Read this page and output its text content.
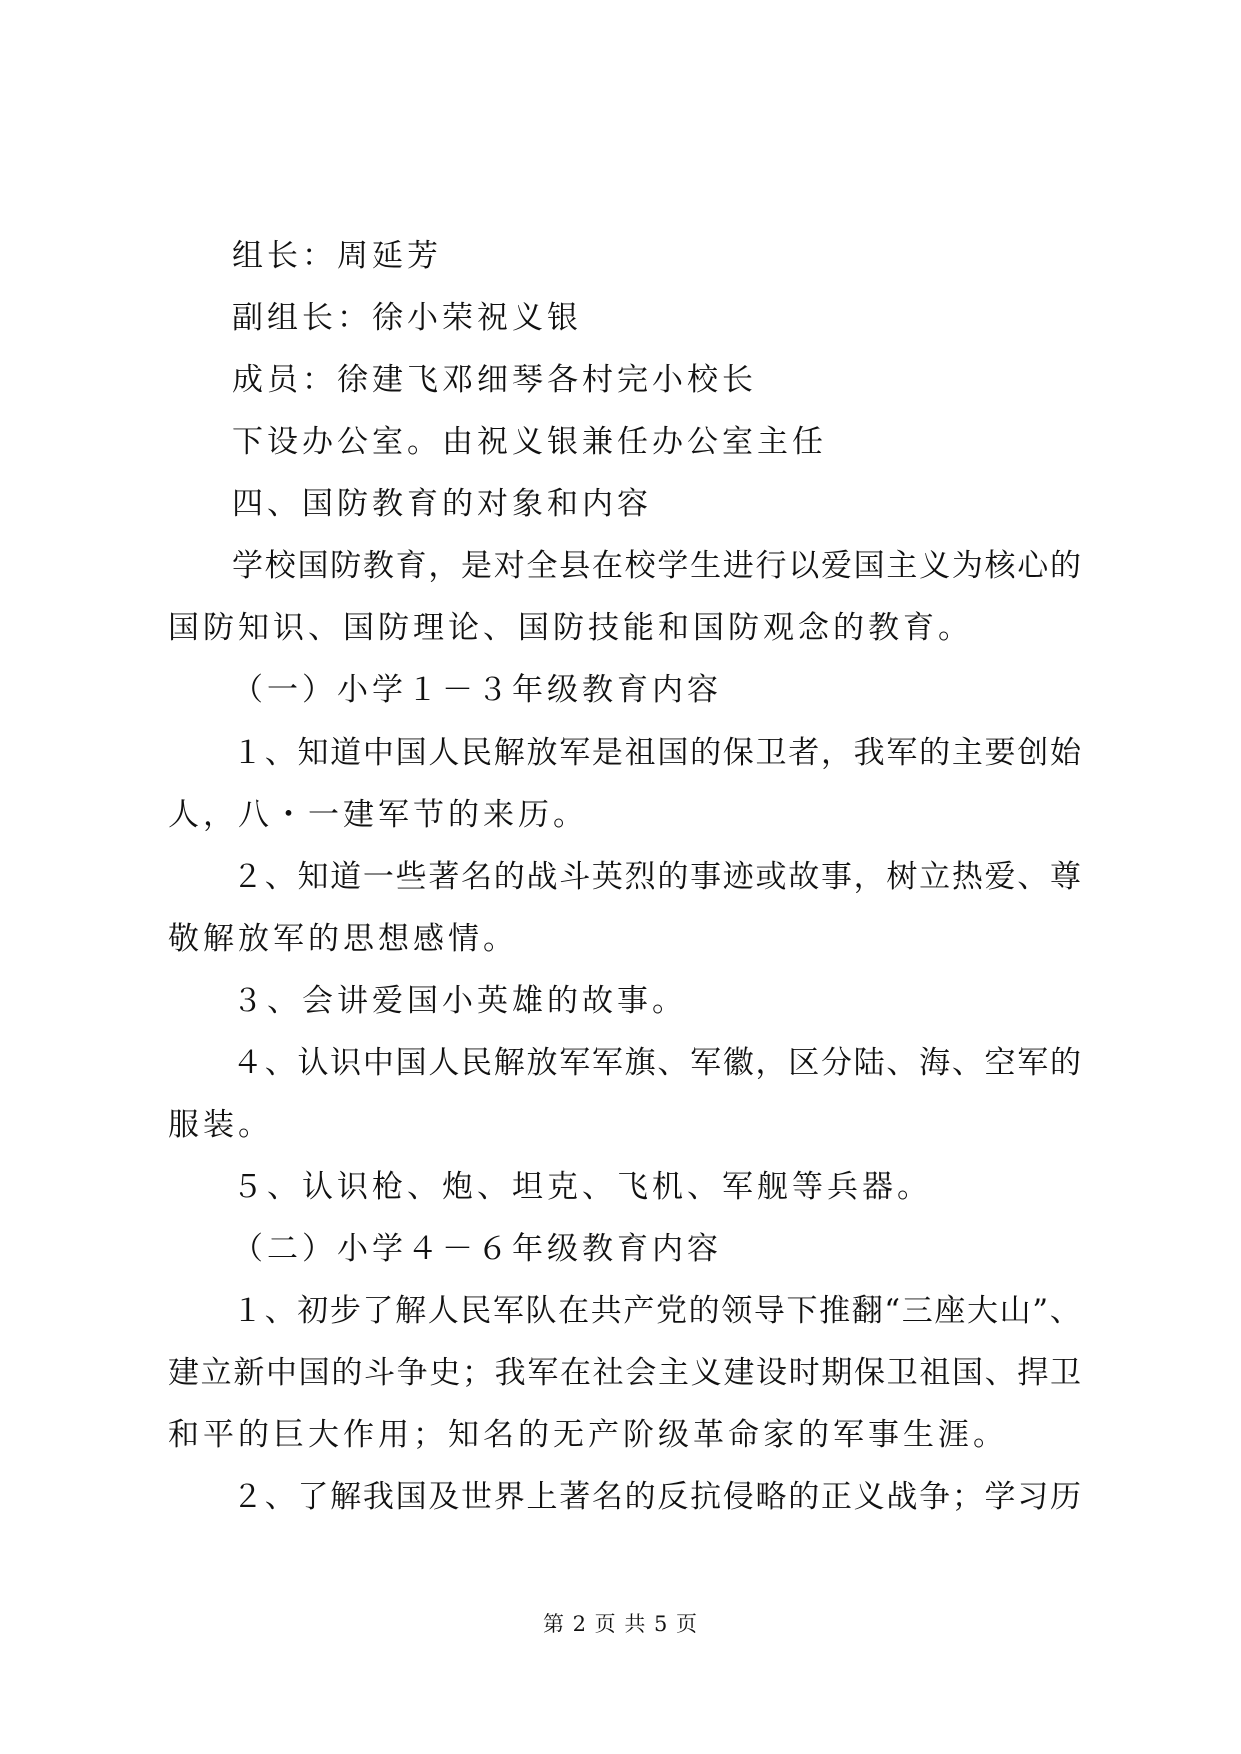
组长：周延芳
副组长：徐小荣祝义银
成员：徐建飞邓细琴各村完小校长
下设办公室。由祝义银兼任办公室主任
四、国防教育的对象和内容
学校国防教育，是对全县在校学生进行以爱国主义为核心的
国防知识、国防理论、国防技能和国防观念的教育。
（一）小学１－３年级教育内容
１、知道中国人民解放军是祖国的保卫者，我军的主要创始
人，八・一建军节的来历。
２、知道一些著名的战斗英烈的事迹或故事，树立热爱、尊
敬解放军的思想感情。
３、会讲爱国小英雄的故事。
４、认识中国人民解放军军旗、军徽，区分陆、海、空军的
服装。
５、认识枪、炮、坦克、飞机、军舰等兵器。
（二）小学４－６年级教育内容
１、初步了解人民军队在共产党的领导下推翻“三座大山”、
建立新中国的斗争史；我军在社会主义建设时期保卫祖国、捍卫
和平的巨大作用；知名的无产阶级革命家的军事生涯。
２、了解我国及世界上著名的反抗侵略的正义战争；学习历
第 2 页 共 5 页
